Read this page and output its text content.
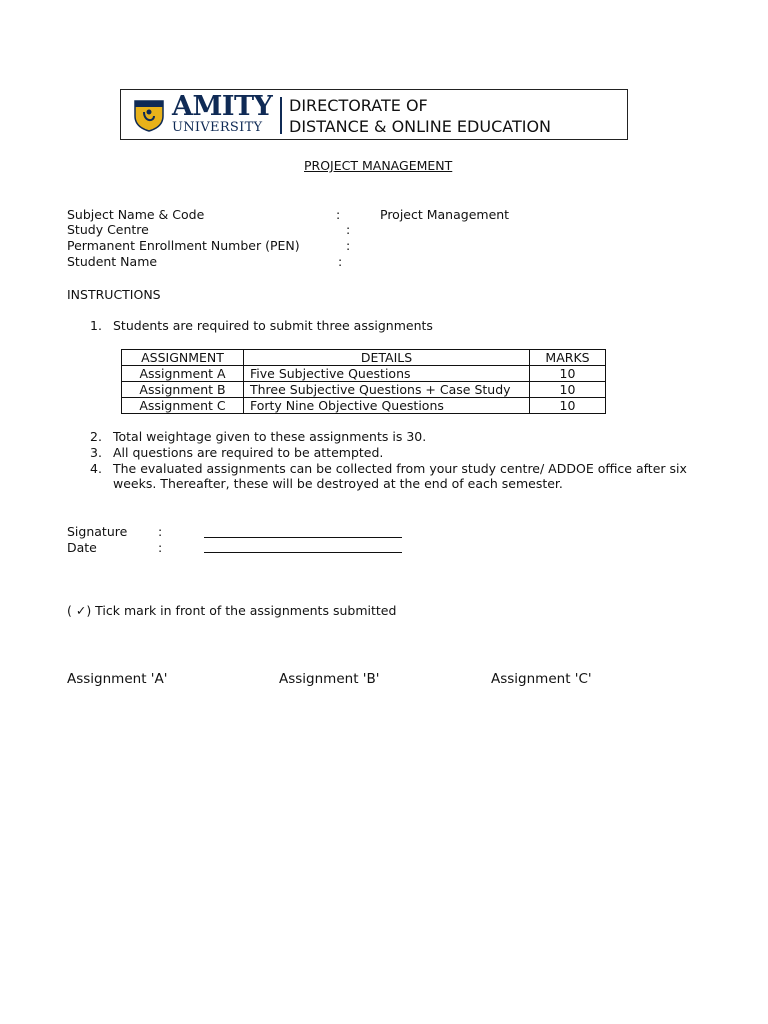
AMITY
UNIVERSITY
DIRECTORATE OF
DISTANCE & ONLINE EDUCATION
PROJECT MANAGEMENT
Subject Name & Code	:	Project Management
Study Centre	:
Permanent Enrollment Number (PEN)	:
Student Name	:
INSTRUCTIONS
1. Students are required to submit three assignments
ASSIGNMENT	DETAILS	MARKS
Assignment A	Five Subjective Questions	10
Assignment B	Three Subjective Questions + Case Study	10
Assignment C	Forty Nine Objective Questions	10
2. Total weightage given to these assignments is 30.
3. All questions are required to be attempted.
4. The evaluated assignments can be collected from your study centre/ ADDOE office after six
weeks. Thereafter, these will be destroyed at the end of each semester.
Signature :
Date	:
( ✓) Tick mark in front of the assignments submitted
Assignment 'A'	Assignment 'B'	Assignment 'C'
